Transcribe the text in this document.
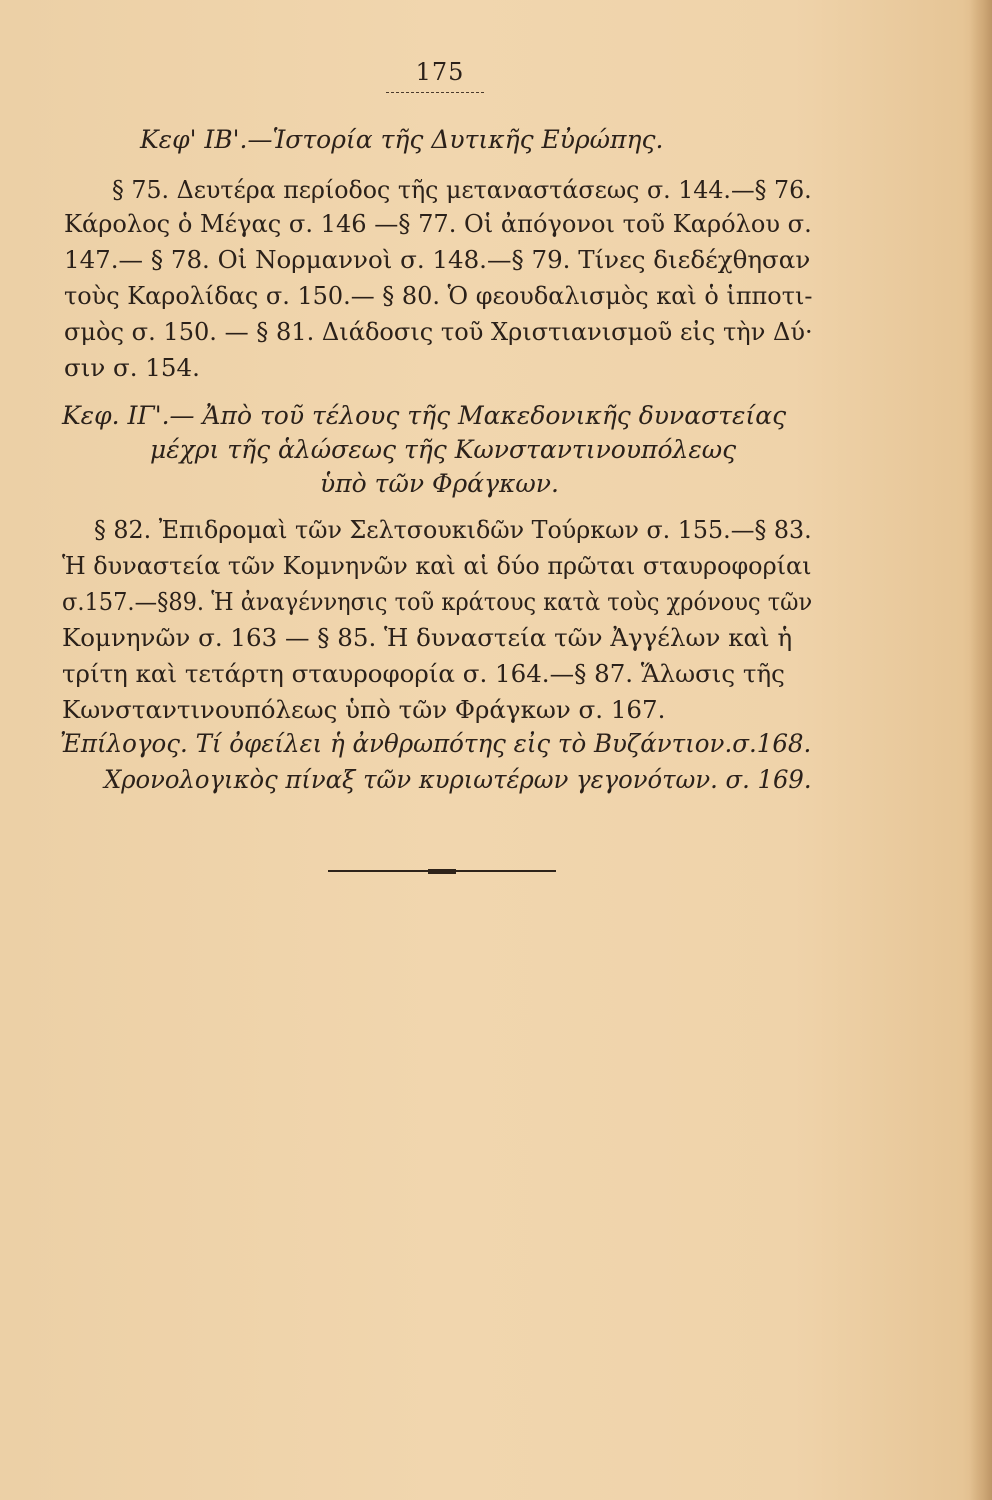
175
Κεφ' ΙΒ'.—Ἱστορία τῆς Δυτικῆς Εὐρώπης.
§ 75. Δευτέρα περίοδος τῆς μεταναστάσεως σ. 144.—§ 76.
Κάρολος ὁ Μέγας σ. 146 —§ 77. Οἱ ἀπόγονοι τοῦ Καρόλου σ.
147.— § 78. Οἱ Νορμαννοὶ σ. 148.—§ 79. Τίνες διεδέχθησαν
τοὺς Καρολίδας σ. 150.— § 80. Ὁ φεουδαλισμὸς καὶ ὁ ἱπποτι-
σμὸς σ. 150. — § 81. Διάδοσις τοῦ Χριστιανισμοῦ εἰς τὴν Δύ·
σιν σ. 154.
Κεφ. ΙΓ'.— Ἀπὸ τοῦ τέλους τῆς Μακεδονικῆς δυναστείας
μέχρι τῆς ἁλώσεως τῆς Κωνσταντινουπόλεως
ὑπὸ τῶν Φράγκων.
§ 82. Ἐπιδρομαὶ τῶν Σελτσουκιδῶν Τούρκων σ. 155.—§ 83.
Ἡ δυναστεία τῶν Κομνηνῶν καὶ αἱ δύο πρῶται σταυροφορίαι
σ.157.—§89. Ἡ ἀναγέννησις τοῦ κράτους κατὰ τοὺς χρόνους τῶν
Κομνηνῶν σ. 163 — § 85. Ἡ δυναστεία τῶν Ἀγγέλων καὶ ἡ
τρίτη καὶ τετάρτη σταυροφορία σ. 164.—§ 87. Ἅλωσις τῆς
Κωνσταντινουπόλεως ὑπὸ τῶν Φράγκων σ. 167.
Ἐπίλογος. Τί ὀφείλει ἡ ἀνθρωπότης εἰς τὸ Βυζάντιον.σ.168.
Χρονολογικὸς πίναξ τῶν κυριωτέρων γεγονότων. σ. 169.
